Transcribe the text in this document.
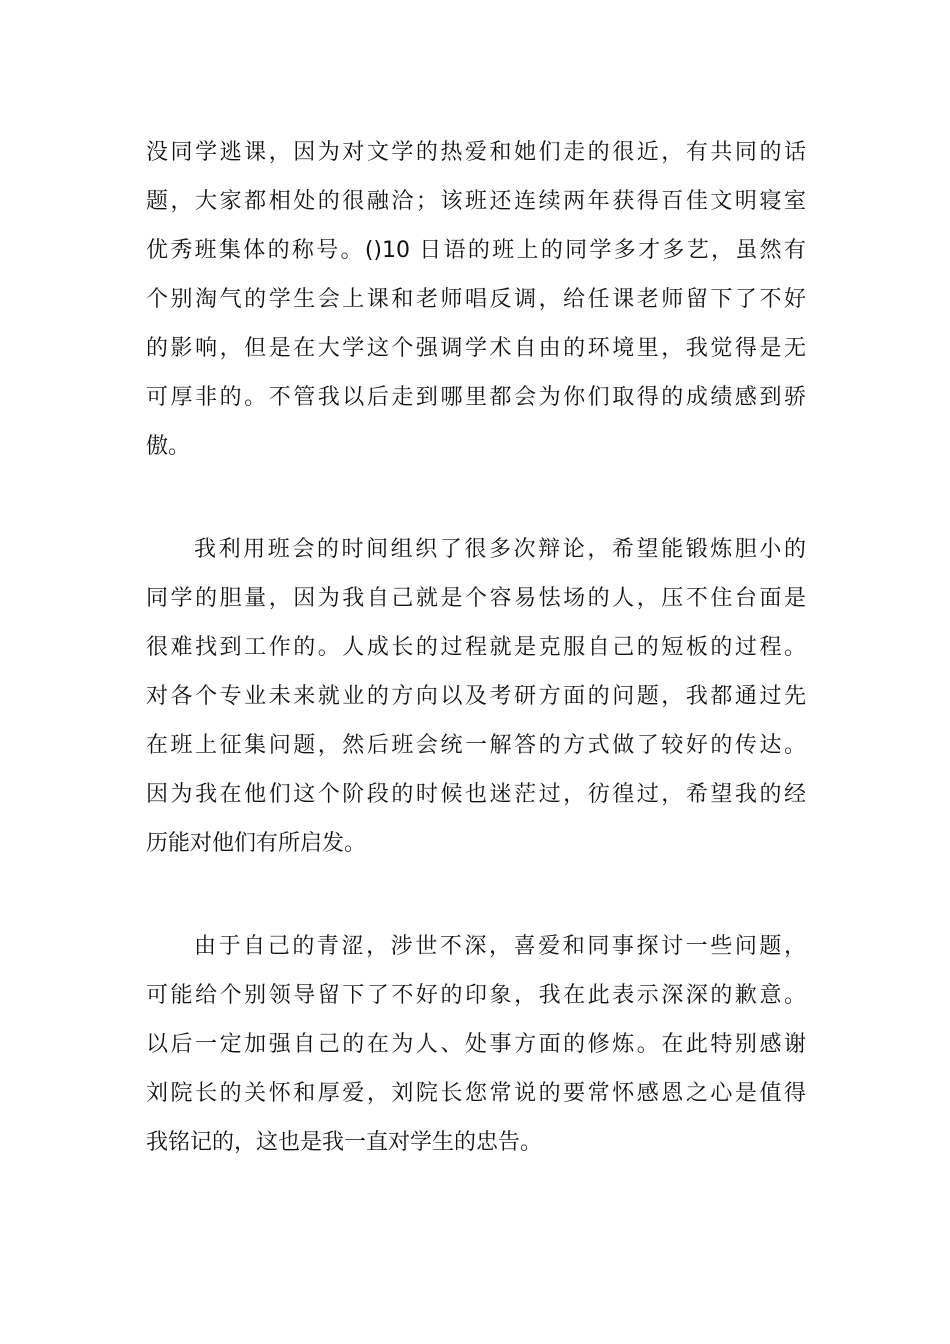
没同学逃课，因为对文学的热爱和她们走的很近，有共同的话
题，大家都相处的很融洽；该班还连续两年获得百佳文明寝室
优秀班集体的称号。()10 日语的班上的同学多才多艺，虽然有
个别淘气的学生会上课和老师唱反调，给任课老师留下了不好
的影响，但是在大学这个强调学术自由的环境里，我觉得是无
可厚非的。不管我以后走到哪里都会为你们取得的成绩感到骄
傲。
我利用班会的时间组织了很多次辩论，希望能锻炼胆小的
同学的胆量，因为我自己就是个容易怯场的人，压不住台面是
很难找到工作的。人成长的过程就是克服自己的短板的过程。
对各个专业未来就业的方向以及考研方面的问题，我都通过先
在班上征集问题，然后班会统一解答的方式做了较好的传达。
因为我在他们这个阶段的时候也迷茫过，彷徨过，希望我的经
历能对他们有所启发。
由于自己的青涩，涉世不深，喜爱和同事探讨一些问题，
可能给个别领导留下了不好的印象，我在此表示深深的歉意。
以后一定加强自己的在为人、处事方面的修炼。在此特别感谢
刘院长的关怀和厚爱，刘院长您常说的要常怀感恩之心是值得
我铭记的，这也是我一直对学生的忠告。
